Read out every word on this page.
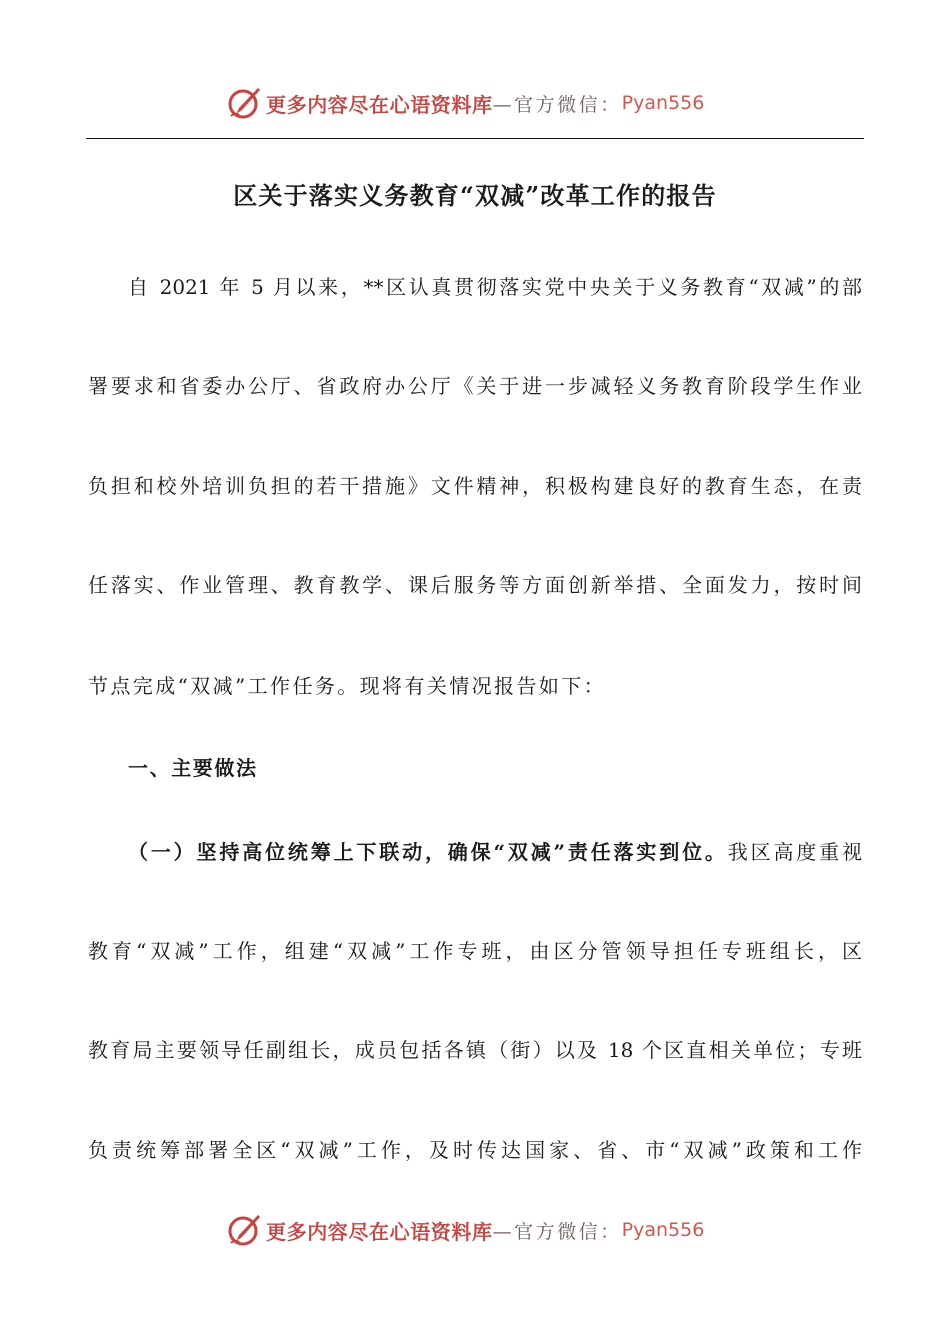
更多内容尽在心语资料库 —官方微信： Pyan556
区关于落实义务教育“双减”改革工作的报告
自 2021 年 5 月以来，**区认真贯彻落实党中央关于义务教育“双减”的部
署要求和省委办公厅、省政府办公厅《关于进一步减轻义务教育阶段学生作业
负担和校外培训负担的若干措施》文件精神，积极构建良好的教育生态，在责
任落实、作业管理、教育教学、课后服务等方面创新举措、全面发力，按时间
节点完成“双减”工作任务。现将有关情况报告如下：
一、主要做法
（一）坚持高位统筹上下联动，确保“双减”责任落实到位。我区高度重视
教育“双减”工作，组建“双减”工作专班，由区分管领导担任专班组长，区
教育局主要领导任副组长，成员包括各镇（街）以及 18 个区直相关单位；专班
负责统筹部署全区“双减”工作，及时传达国家、省、市“双减”政策和工作
更多内容尽在心语资料库 —官方微信： Pyan556
